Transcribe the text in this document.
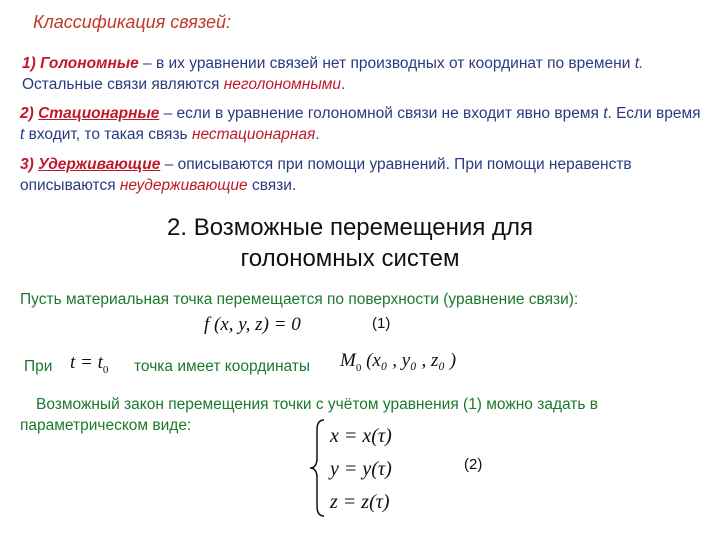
Классификация связей:
1) Голономные – в их уравнении связей нет производных от координат по времени t. Остальные связи являются неголономными.
2) Стационарные – если в уравнение голономной связи не входит явно время t. Если время t входит, то такая связь нестационарная.
3) Удерживающие – описываются при помощи уравнений. При помощи неравенств описываются неудерживающие связи.
2. Возможные перемещения для
голономных систем
Пусть материальная точка перемещается по поверхности (уравнение связи):
f (x, y, z) = 0	(1)
При $t = t_0$ точка имеет координаты $M_0$ (x₀ , y₀ , z₀ )
Возможный закон перемещения точки с учётом уравнения (1) можно задать в параметрическом виде:	x = x(τ)
y = y(τ)
z = z(τ)
(2)
